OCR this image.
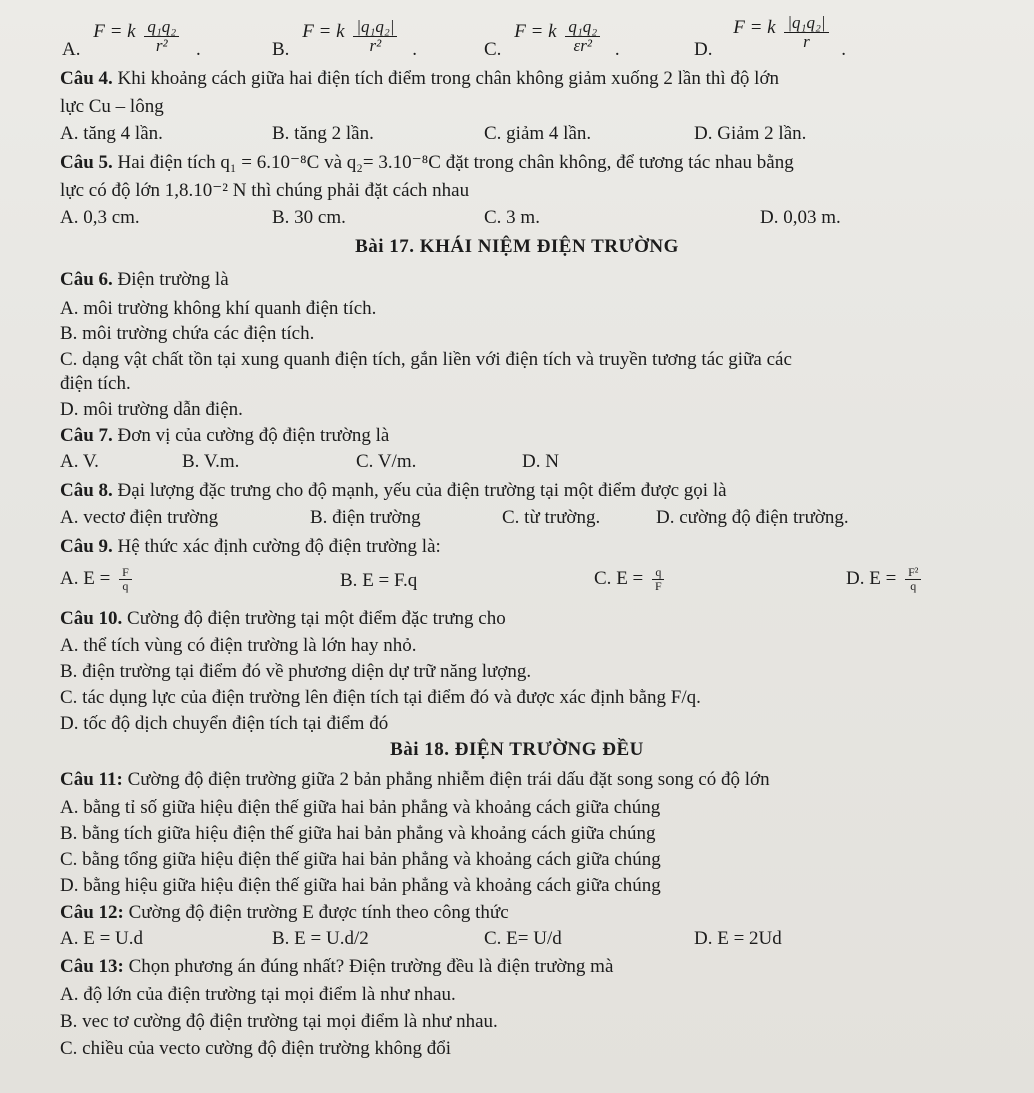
A. F = k $\frac{\text{q₁q₂}}{\text{r²}}$ .	B. F = k $\frac{\text{|q₁q₂|}}{\text{r²}}$ .	C. F = k $\frac{\text{q₁q₂}}{\text{εr²}}$ .	D. F = k $\frac{\text{|q₁q₂|}}{r}$ .
Câu 4. Khi khoảng cách giữa hai điện tích điểm trong chân không giảm xuống 2 lần thì độ lớn
lực Cu – lông
A. tăng 4 lần.	B. tăng 2 lần.	C. giảm 4 lần.	D. Giảm 2 lần.
Câu 5. Hai điện tích q₁ = 6.10⁻⁸C và q₂= 3.10⁻⁸C đặt trong chân không, để tương tác nhau bằng
lực có độ lớn 1,8.10⁻² N thì chúng phải đặt cách nhau
A. 0,3 cm.	B. 30 cm.	C. 3 m.	D. 0,03 m.
Bài 17. KHÁI NIỆM ĐIỆN TRƯỜNG
Câu 6. Điện trường là
A. môi trường không khí quanh điện tích.
B. môi trường chứa các điện tích.
C. dạng vật chất tồn tại xung quanh điện tích, gắn liền với điện tích và truyền tương tác giữa các
điện tích.
D. môi trường dẫn điện.
Câu 7. Đơn vị của cường độ điện trường là
A. V.	B. V.m.	C. V/m.	D. N
Câu 8. Đại lượng đặc trưng cho độ mạnh, yếu của điện trường tại một điểm được gọi là
A. vectơ điện trường	B. điện trường	C. từ trường.	D. cường độ điện trường.
Câu 9. Hệ thức xác định cường độ điện trường là:
A. $E = \frac{F}{q}$	B. E = F.q	C. $E = \frac{q}{F}$	D. $E = \frac{\text{F²}}{q}$
Câu 10. Cường độ điện trường tại một điểm đặc trưng cho
A. thể tích vùng có điện trường là lớn hay nhỏ.
B. điện trường tại điểm đó về phương diện dự trữ năng lượng.
C. tác dụng lực của điện trường lên điện tích tại điểm đó và được xác định bằng F/q.
D. tốc độ dịch chuyển điện tích tại điểm đó
Bài 18. ĐIỆN TRƯỜNG ĐỀU
Câu 11: Cường độ điện trường giữa 2 bản phẳng nhiễm điện trái dấu đặt song song có độ lớn
A. bằng tỉ số giữa hiệu điện thế giữa hai bản phẳng và khoảng cách giữa chúng
B. bằng tích giữa hiệu điện thế giữa hai bản phẳng và khoảng cách giữa chúng
C. bằng tổng giữa hiệu điện thế giữa hai bản phẳng và khoảng cách giữa chúng
D. bằng hiệu giữa hiệu điện thế giữa hai bản phẳng và khoảng cách giữa chúng
Câu 12: Cường độ điện trường E được tính theo công thức
A. E = U.d	B. E = U.d/2	C. E= U/d	D. E = 2Ud
Câu 13: Chọn phương án đúng nhất? Điện trường đều là điện trường mà
A. độ lớn của điện trường tại mọi điểm là như nhau.
B. vec tơ cường độ điện trường tại mọi điểm là như nhau.
C. chiều của vecto cường độ điện trường không đổi
